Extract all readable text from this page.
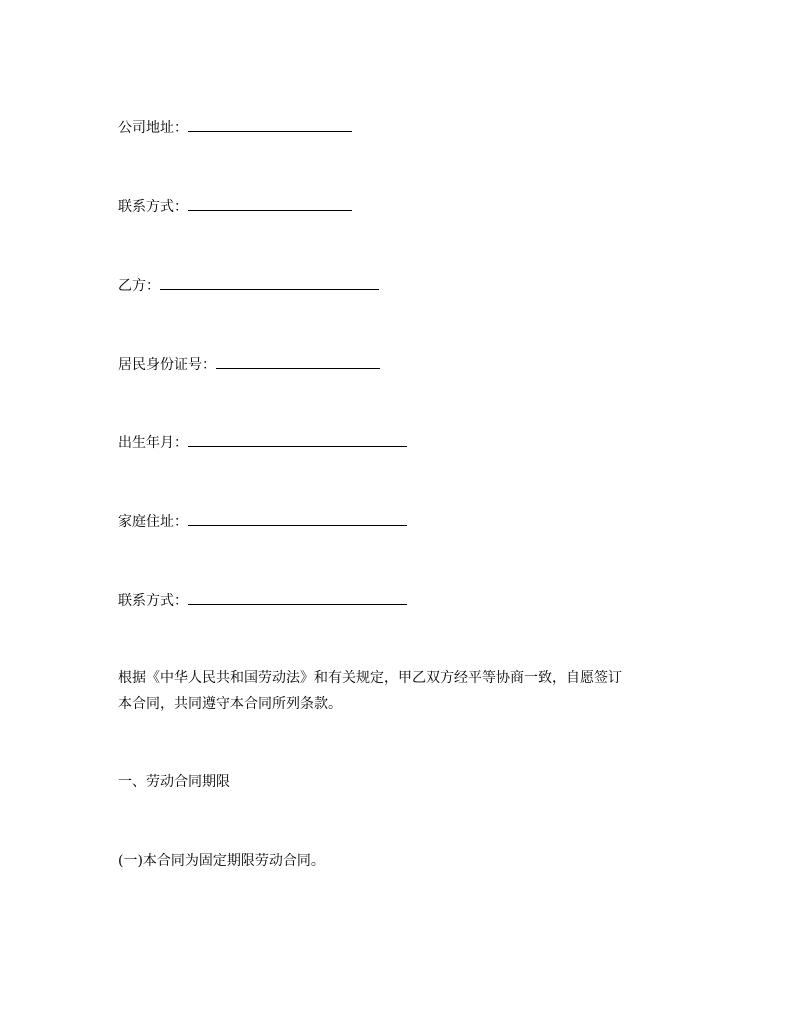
公司地址：
联系方式：
乙方：
居民身份证号：
出生年月：
家庭住址：
联系方式：
根据《中华人民共和国劳动法》和有关规定，甲乙双方经平等协商一致，自愿签订
本合同，共同遵守本合同所列条款。
一、劳动合同期限
(一)本合同为固定期限劳动合同。
